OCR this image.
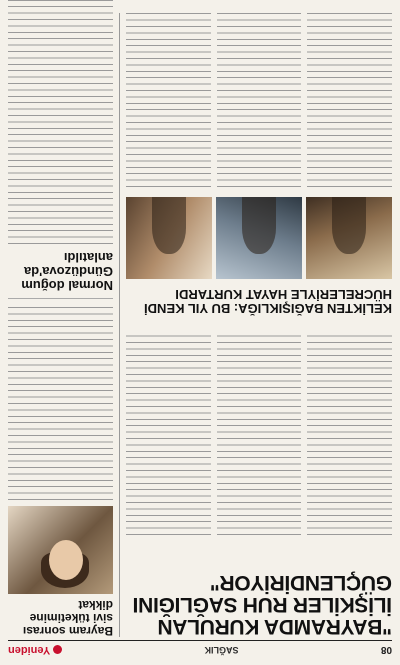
08
SAĞLIK
Yeniden
"BAYRAMDA KURULAN İLİŞKİLER RUH SAĞLIĞINI GÜÇLENDİRİYOR"
KELİKTEN BAĞIŞIKLIĞA: BU YIL KENDİ HÜCRELERİYLE HAYAT KURTARDI
Bayram sonrası sivi tüketimine dikkat
Normal doğum Gündüzova'da anlatıldı
